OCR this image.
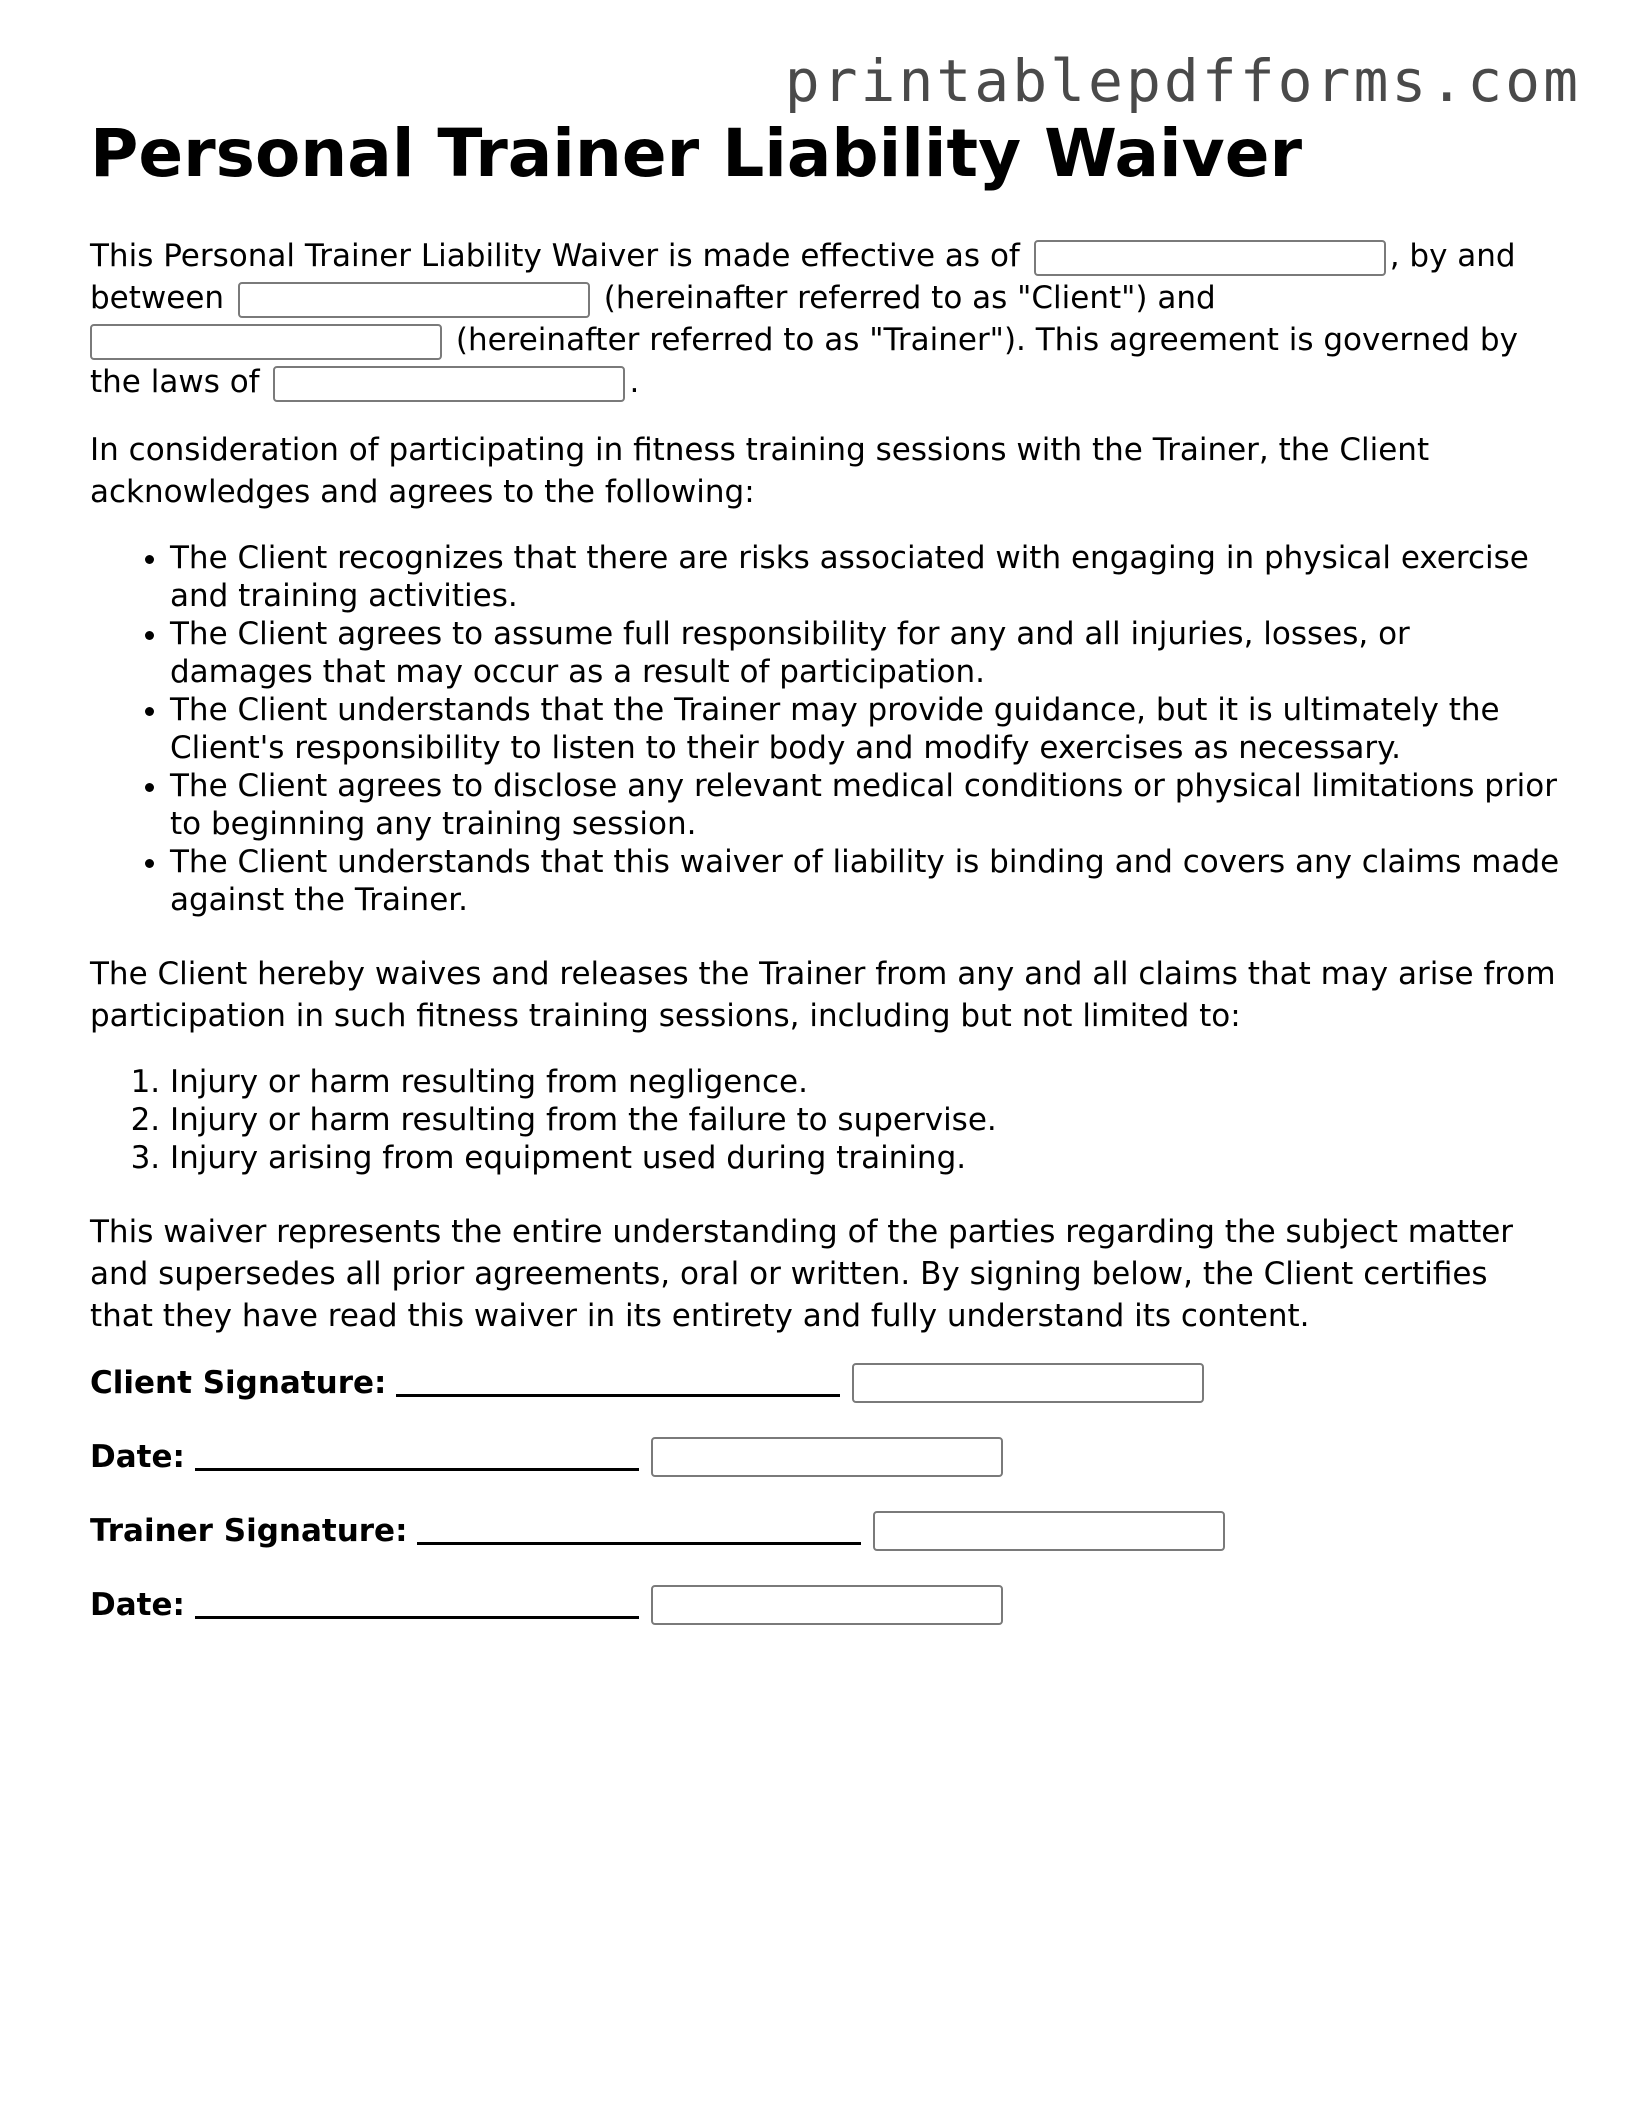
printablepdfforms.com
Personal Trainer Liability Waiver

This Personal Trainer Liability Waiver is made effective as of	, by and between	(hereinafter referred to as "Client") and  (hereinafter referred to as "Trainer"). This agreement is governed by the laws of	.

In consideration of participating in fitness training sessions with the Trainer, the Client acknowledges and agrees to the following:

• The Client recognizes that there are risks associated with engaging in physical exercise and training activities.
• The Client agrees to assume full responsibility for any and all injuries, losses, or damages that may occur as a result of participation.
• The Client understands that the Trainer may provide guidance, but it is ultimately the Client's responsibility to listen to their body and modify exercises as necessary.
• The Client agrees to disclose any relevant medical conditions or physical limitations prior to beginning any training session.
• The Client understands that this waiver of liability is binding and covers any claims made against the Trainer.

The Client hereby waives and releases the Trainer from any and all claims that may arise from participation in such fitness training sessions, including but not limited to:

1. Injury or harm resulting from negligence.
2. Injury or harm resulting from the failure to supervise.
3. Injury arising from equipment used during training.

This waiver represents the entire understanding of the parties regarding the subject matter and supersedes all prior agreements, oral or written. By signing below, the Client certifies that they have read this waiver in its entirety and fully understand its content.

Client Signature:
Date:
Trainer Signature:
Date:
